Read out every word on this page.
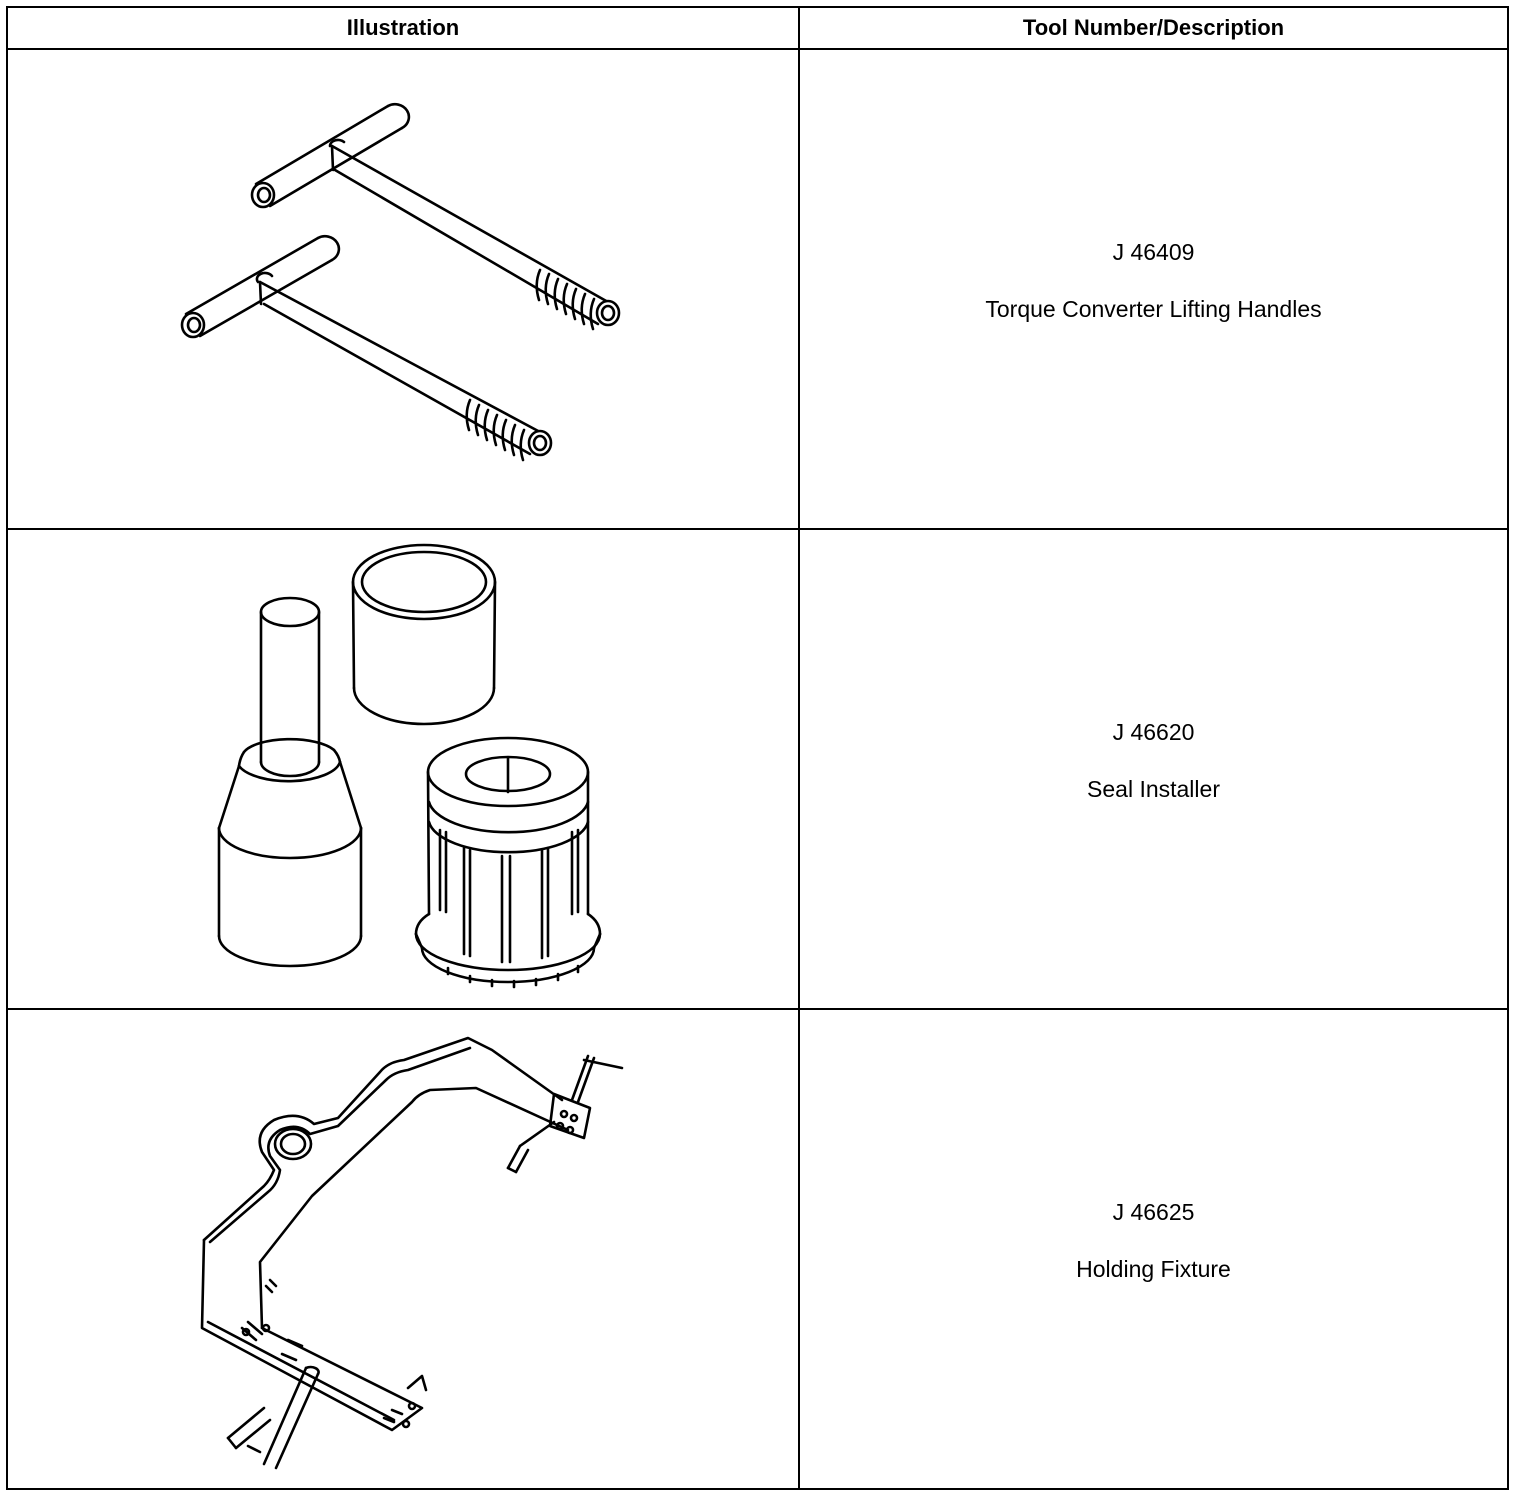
Illustration	Tool Number/Description

J 46409
Torque Converter Lifting Handles

J 46620
Seal Installer

J 46625
Holding Fixture
